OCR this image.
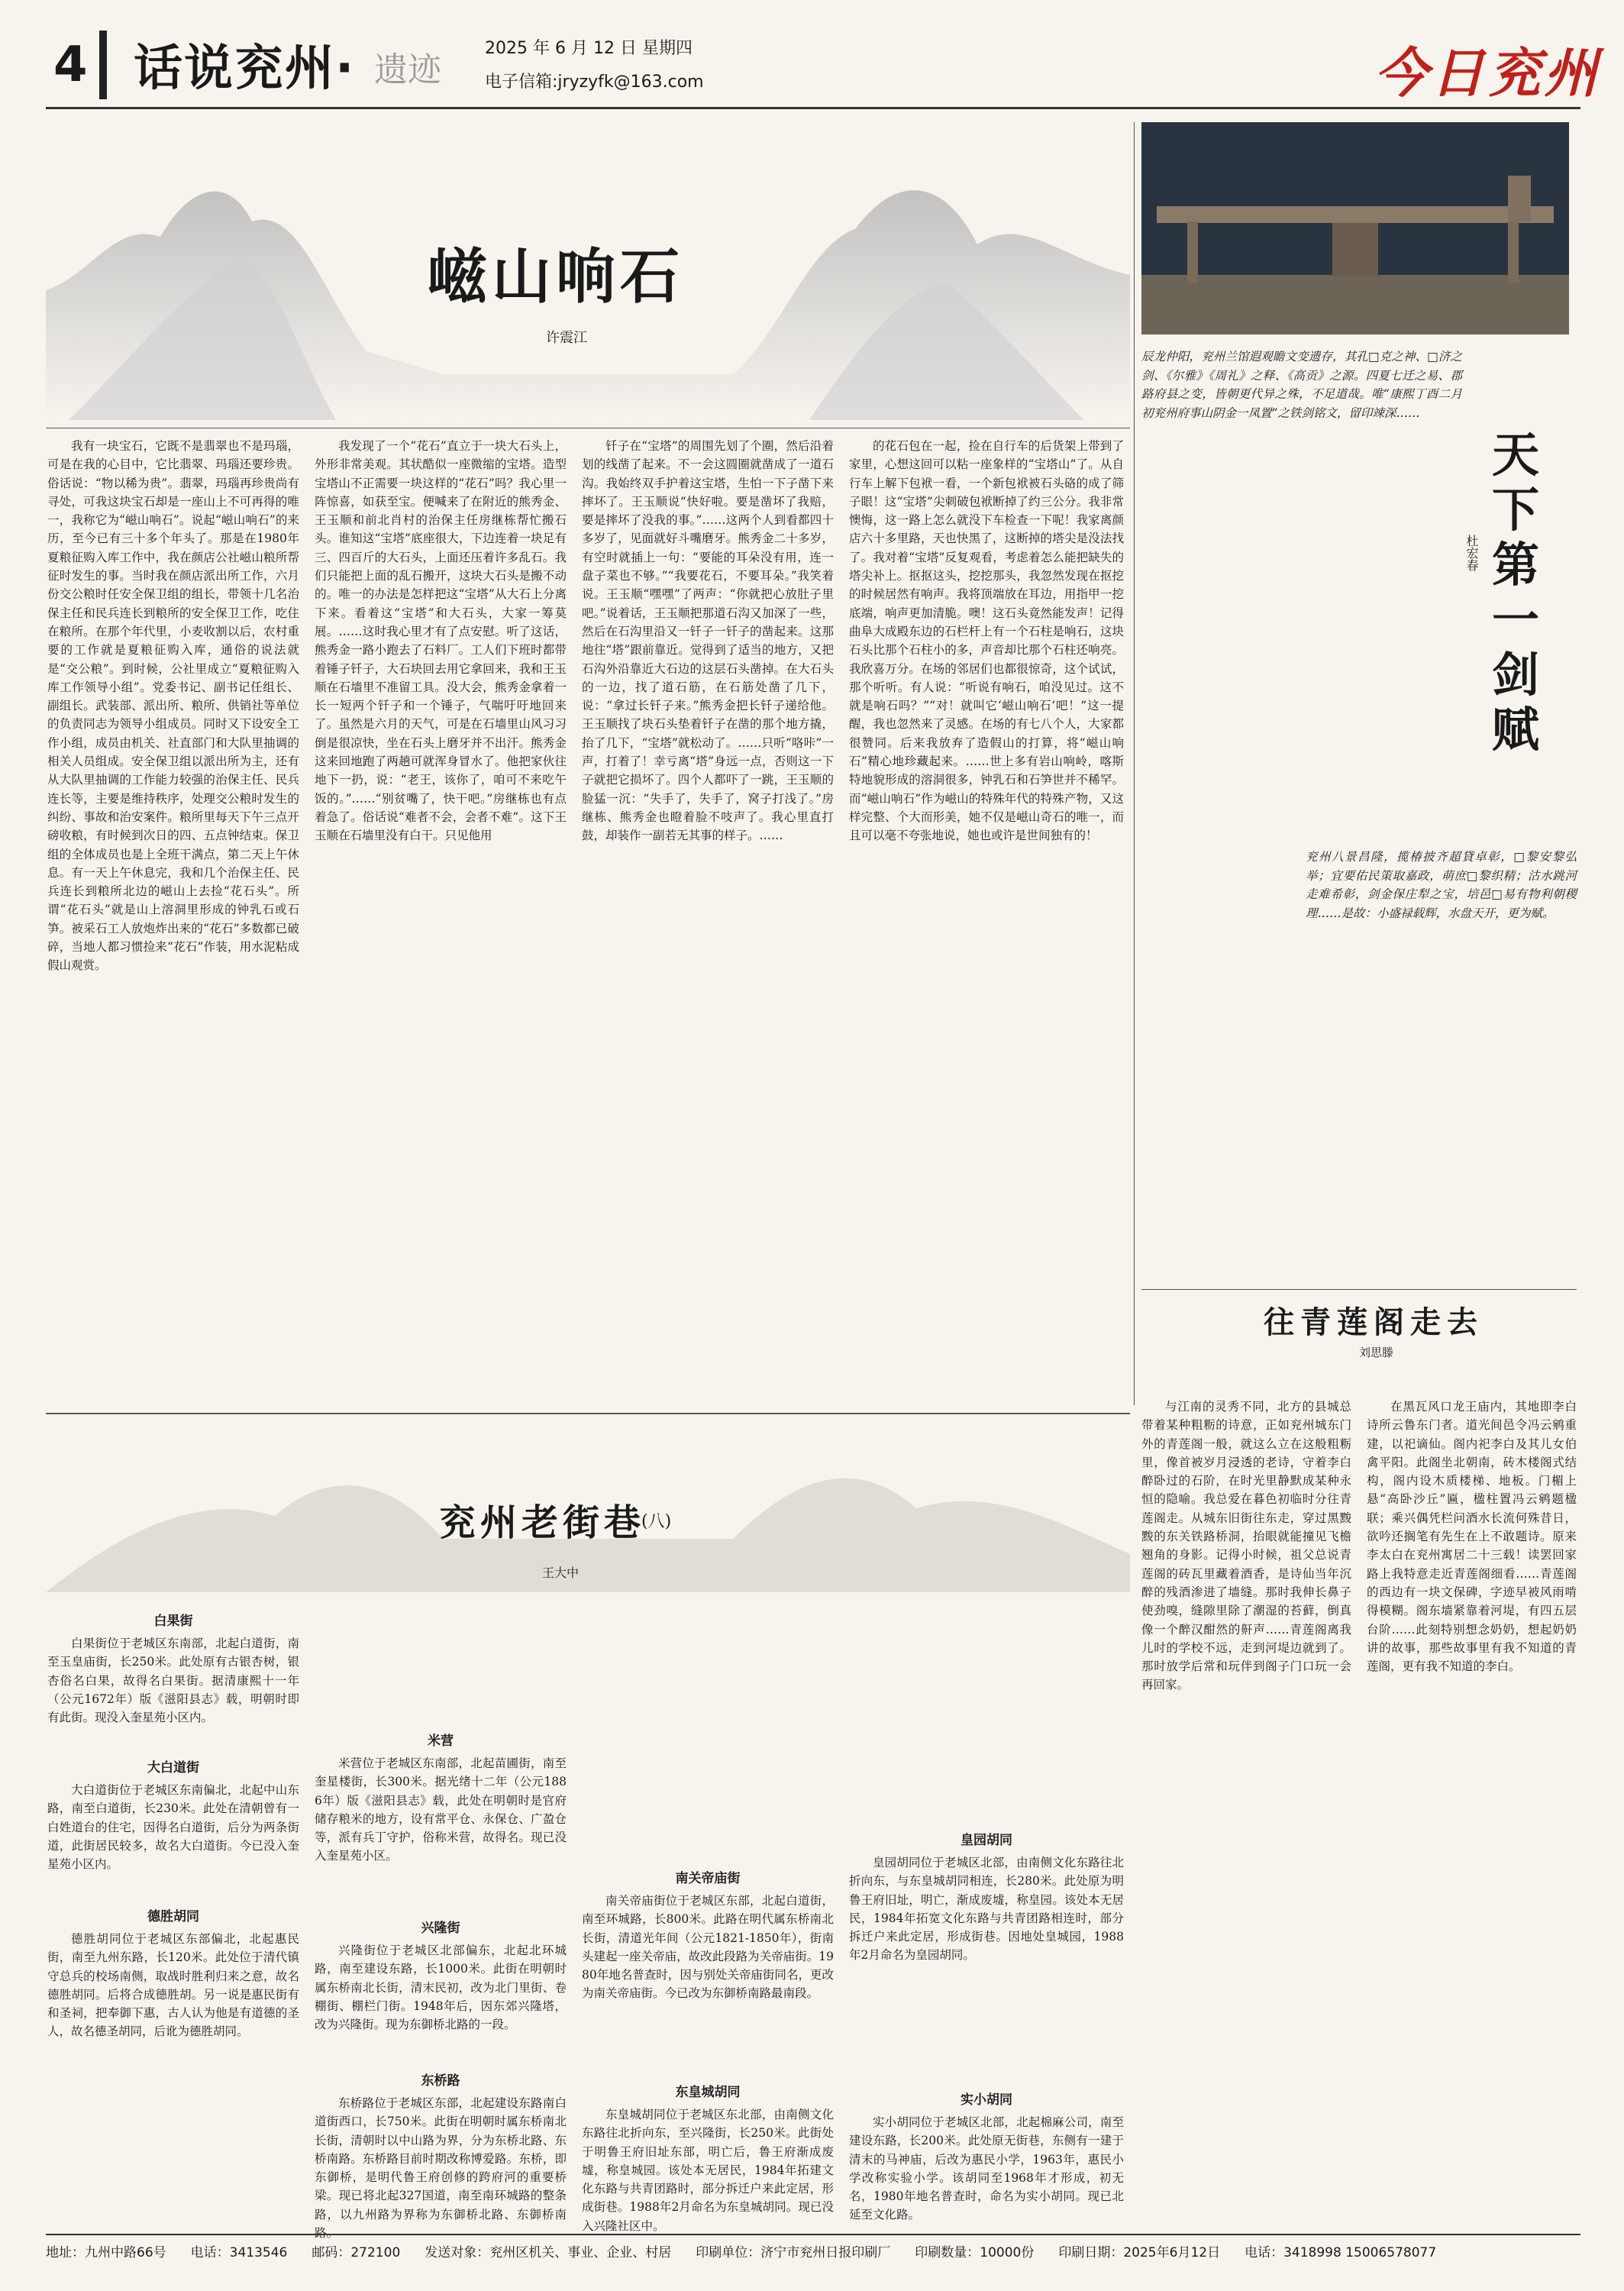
4 话说兖州· 遗迹
2025 年 6 月 12 日 星期四
电子信箱:jryzyfk@163.com	今日兖州
嵫山响石
许震江
我有一块宝石，它既不是翡翠也不是玛瑙，可是在我的心目中，它比翡翠、玛瑙还要珍贵。俗话说：“物以稀为贵”。翡翠，玛瑙再珍贵尚有寻处，可我这块宝石却是一座山上不可再得的唯一，我称它为“嵫山响石”。说起“嵫山响石”的来历，至今已有三十多个年头了。那是在1980年夏粮征购入库工作中，我在颜店公社嵫山粮所帮征时发生的事。当时我在颜店派出所工作，六月份交公粮时任安全保卫组的组长，带领十几名治保主任和民兵连长到粮所的安全保卫工作，吃住在粮所。在那个年代里，小麦收割以后，农村重要的工作就是夏粮征购入库，通俗的说法就是“交公粮”。到时候，公社里成立“夏粮征购入库工作领导小组”。党委书记、副书记任组长、副组长。武装部、派出所、粮所、供销社等单位的负责同志为领导小组成员。同时又下设安全工作小组，成员由机关、社直部门和大队里抽调的相关人员组成。安全保卫组以派出所为主，还有从大队里抽调的工作能力较强的治保主任、民兵连长等，主要是维持秩序，处理交公粮时发生的纠纷、事故和治安案件。粮所里每天下午三点开磅收粮，有时候到次日的四、五点钟结束。保卫组的全体成员也是上全班干满点，第二天上午休息。有一天上午休息完，我和几个治保主任、民兵连长到粮所北边的嵫山上去捡“花石头”。所谓“花石头”就是山上溶洞里形成的钟乳石或石笋。被采石工人放炮炸出来的“花石”多数都已破碎，当地人都习惯捡来“花石”作装，用水泥粘成假山观赏。
我发现了一个“花石”直立于一块大石头上，外形非常美观。其状酷似一座微缩的宝塔。造型宝塔山不正需要一块这样的“花石”吗？我心里一阵惊喜，如获至宝。便喊来了在附近的熊秀金、王玉顺和前北肖村的治保主任房继栋帮忙搬石头。谁知这“宝塔”底座很大，下边连着一块足有三、四百斤的大石头，上面还压着许多乱石。我们只能把上面的乱石搬开，这块大石头是搬不动的。唯一的办法是怎样把这“宝塔”从大石上分离下来。看着这“宝塔”和大石头，大家一筹莫展。……这时我心里才有了点安慰。听了这话，熊秀金一路小跑去了石料厂。工人们下班时都带着锤子钎子，大石块回去用它拿回来，我和王玉顺在石墙里不准留工具。没大会，熊秀金拿着一长一短两个钎子和一个锤子，气喘吁吁地回来了。虽然是六月的天气，可是在石墙里山风习习倒是很凉快，坐在石头上磨牙并不出汗。熊秀金这来回地跑了两趟可就浑身冒水了。他把家伙往地下一扔，说：“老王，该你了，咱可不来吃午饭的。”……“别贫嘴了，快干吧。”房继栋也有点着急了。俗话说“难者不会，会者不难”。这下王玉顺在石墙里没有白干。只见他用
钎子在“宝塔”的周围先划了个圈，然后沿着划的线凿了起来。不一会这圆圈就凿成了一道石沟。我始终双手护着这宝塔，生怕一下子凿下来摔坏了。王玉顺说“快好啦。要是凿坏了我赔，要是摔坏了没我的事。”……这两个人到看都四十多岁了，见面就好斗嘴磨牙。熊秀金二十多岁，有空时就插上一句：“要能的耳朵没有用，连一盘子菜也不够。”“我要花石，不要耳朵。”我笑着说。王玉顺“嘿嘿”了两声：“你就把心放肚子里吧。”说着话，王玉顺把那道石沟又加深了一些，然后在石沟里沿又一钎子一钎子的凿起来。这那地往“塔”跟前靠近。觉得到了适当的地方，又把石沟外沿靠近大石边的这层石头凿掉。在大石头的一边，找了道石筋，在石筋处凿了几下，说：“拿过长钎子来。”熊秀金把长钎子递给他。王玉顺找了块石头垫着钎子在凿的那个地方撬，抬了几下，“宝塔”就松动了。……只听“咯咔”一声，打着了！幸亏离“塔”身远一点，否则这一下子就把它损坏了。四个人都吓了一跳，王玉顺的脸猛一沉：“失手了，失手了，窝子打浅了。”房继栋、熊秀金也瞪着脸不吱声了。我心里直打鼓，却装作一副若无其事的样子。……
的花石包在一起，捡在自行车的后货架上带到了家里，心想这回可以粘一座象样的“宝塔山”了。从自行车上解下包袱一看，一个新包袱被石头硌的成了筛子眼！这“宝塔”尖刺破包袱断掉了约三公分。我非常懊悔，这一路上怎么就没下车检查一下呢！我家离颜店六十多里路，天也快黑了，这断掉的塔尖是没法找了。我对着“宝塔”反复观看，考虑着怎么能把缺失的塔尖补上。抠抠这头，挖挖那头，我忽然发现在抠挖的时候居然有响声。我将顶端放在耳边，用指甲一挖底端，响声更加清脆。噢！这石头竟然能发声！记得曲阜大成殿东边的石栏杆上有一个石柱是响石，这块石头比那个石柱小的多，声音却比那个石柱还响亮。我欣喜万分。在场的邻居们也都很惊奇，这个试试，那个听听。有人说：“听说有响石，咱没见过。这不就是响石吗？”“对！就叫它‘嵫山响石’吧！”这一提醒，我也忽然来了灵感。在场的有七八个人，大家都很赞同。后来我放弃了造假山的打算，将“嵫山响石”精心地珍藏起来。……世上多有岩山响岭，喀斯特地貌形成的溶洞很多，钟乳石和石笋世并不稀罕。而“嵫山响石”作为嵫山的特殊年代的特殊产物，又这样完整、个大而形美，她不仅是嵫山奇石的唯一，而且可以毫不夸张地说，她也或许是世间独有的！
辰龙仲阳，兖州兰馆遐观瞻文变遗存，其孔□克之神、□济之剑、《尔雅》《周礼》之释、《高贡》之源。四夏七迁之易、郡路府县之变，皆朝更代异之殊，不足道哉。唯“康熙丁酉二月初兖州府事山阴金一凤置”之铁剑铭文，留印竦深……
天下第一剑赋
杜宏春
兖州八景昌隆，揽椿披齐超貸卓彰，□黎安黎弘举；宜要佑民策取嘉政，萌庶□黎织精；沽水跳河走难希彰，剑金保庄犁之宝，培邑□易有物利朝稷理……是故：小盛禄载辉，水盘天开，更为赋。
往青莲阁走去
刘思滕
与江南的灵秀不同，北方的县城总带着某种粗粝的诗意，正如兖州城东门外的青莲阁一般，就这么立在这般粗粝里，像首被岁月浸透的老诗，守着李白醉卧过的石阶，在时光里静默成某种永恒的隐喻。我总爱在暮色初临时分往青莲阁走。从城东旧街往东走，穿过黑黢黢的东关铁路桥洞，抬眼就能撞见飞檐翘角的身影。记得小时候，祖父总说青莲阁的砖瓦里藏着酒香，是诗仙当年沉醉的残酒渗进了墙缝。那时我伸长鼻子使劲嗅，缝隙里除了潮湿的苔藓，倒真像一个醉汉酣然的鼾声……青莲阁离我儿时的学校不远，走到河堤边就到了。那时放学后常和玩伴到阁子门口玩一会再回家。
在黑瓦风口龙王庙内，其地即李白诗所云鲁东门者。道光间邑令冯云鹓重建，以祀谪仙。阁内祀李白及其儿女伯禽平阳。此阁坐北朝南，砖木楼阁式结构，阁内设木质楼梯、地板。门楣上悬“高卧沙丘”匾，楹柱置冯云鹓题楹联；乘兴偶凭栏问酒水长流何殊昔日，欲吟还搁笔有先生在上不敢题诗。原来李太白在兖州寓居二十三载！读罢回家路上我特意走近青莲阁细看……青莲阁的西边有一块文保碑，字迹早被风雨啃得模糊。阁东墙紧靠着河堤，有四五层台阶……此刻特别想念奶奶，想起奶奶讲的故事，那些故事里有我不知道的青莲阁，更有我不知道的李白。
兖州老街巷
(八)
王大中
白果街
白果街位于老城区东南部，北起白道街，南至玉皇庙街，长250米。此处原有古银杏树，银杏俗名白果，故得名白果街。据清康熙十一年（公元1672年）版《滋阳县志》载，明朝时即有此街。现没入奎星苑小区内。
大白道街
大白道街位于老城区东南偏北，北起中山东路，南至白道街，长230米。此处在清朝曾有一白姓道台的住宅，因得名白道街，后分为两条街道，此街居民较多，故名大白道街。今已没入奎星苑小区内。
德胜胡同
德胜胡同位于老城区东部偏北，北起惠民街，南至九州东路，长120米。此处位于清代镇守总兵的校场南侧，取战时胜利归来之意，故名德胜胡同。后将合成德胜胡。另一说是惠民街有和圣祠，把奉御下惠，古人认为他是有道德的圣人，故名德圣胡同，后讹为德胜胡同。
米营
米营位于老城区东南部，北起苗圃街，南至奎星楼街，长300米。据光绪十二年（公元1886年）版《滋阳县志》载，此处在明朝时是官府储存粮米的地方，设有常平仓、永保仓、广盈仓等，派有兵丁守护，俗称米营，故得名。现已没入奎星苑小区。
兴隆街
兴隆街位于老城区北部偏东，北起北环城路，南至建设东路，长1000米。此街在明朝时属东桥南北长街，清末民初，改为北门里街、卷棚街、棚栏门街。1948年后，因东郊兴隆塔，改为兴隆街。现为东御桥北路的一段。
东桥路
东桥路位于老城区东部，北起建设东路南白道街西口，长750米。此街在明朝时属东桥南北长街，清朝时以中山路为界，分为东桥北路、东桥南路。东桥路目前时期改称博爱路。东桥，即东御桥，是明代鲁王府创修的跨府河的重要桥梁。现已将北起327国道，南至南环城路的整条路，以九州路为界称为东御桥北路、东御桥南
南关帝庙街
南关帝庙街位于老城区东部，北起白道街，南至环城路，长800米。此路在明代属东桥南北长街，清道光年间（公元1821-1850年），街南头建起一座关帝庙，故改此段路为关帝庙街。1980年地名普查时，因与别处关帝庙街同名，更改为南关帝庙街。今已改为东御桥南路最南段。
东皇城胡同
东皇城胡同位于老城区东北部，由南侧文化东路往北折向东，至兴隆街，长250米。此街处于明鲁王府旧址东部，明亡后，鲁王府渐成废墟，称皇城园。该处本无居民，1984年拓建文化东路与共青团路时，部分拆迁户来此定居，形成街巷。1988年2月命名为东皇城胡同。现已没入兴隆社区中。
皇园胡同
皇园胡同位于老城区北部，由南侧文化东路往北折向东，与东皇城胡同相连，长280米。此处原为明鲁王府旧址，明亡，渐成废墟，称皇园。该处本无居民，1984年拓宽文化东路与共青团路相连时，部分拆迁户来此定居，形成街巷。因地处皇城园，1988年2月命名为皇园胡同。
实小胡同
实小胡同位于老城区北部，北起棉麻公司，南至建设东路，长200米。此处原无街巷，东侧有一建于清末的马神庙，后改为惠民小学，1963年，惠民小学改称实验小学。该胡同至1968年才形成，初无名，1980年地名普查时，命名为实小胡同。现已北延至文化路。
地址：九州中路66号 电话：3413546 邮码：272100 发送对象：兖州区机关、事业、企业、村居 印刷单位：济宁市兖州日报印刷厂 印刷数量：10000份 印刷日期：2025年6月12日 电话：3418998 15006578077
